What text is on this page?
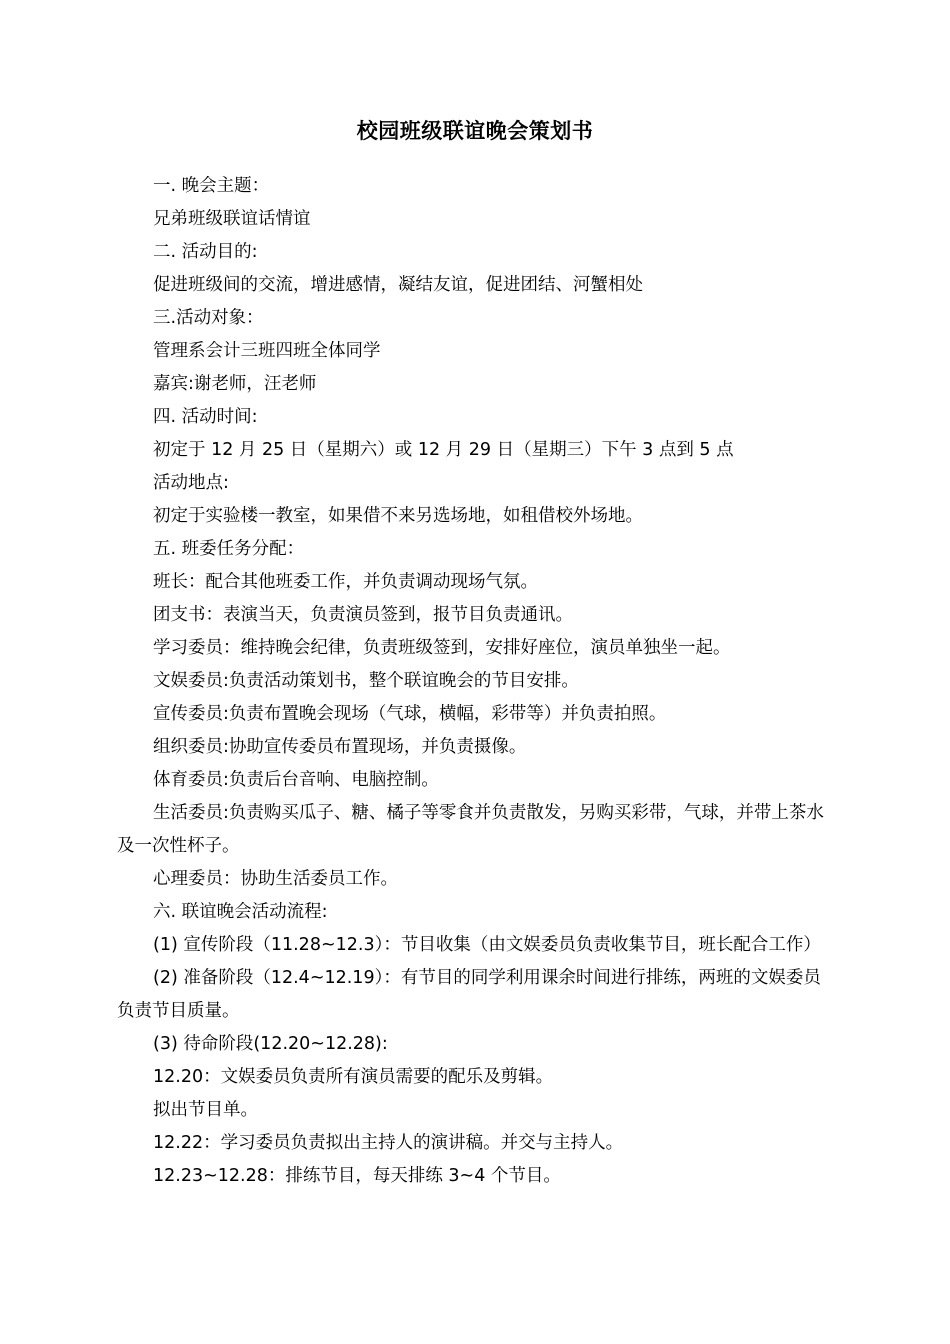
校园班级联谊晚会策划书

一. 晚会主题：

兄弟班级联谊话情谊

二. 活动目的:

促进班级间的交流，增进感情，凝结友谊，促进团结、河蟹相处

三.活动对象：

管理系会计三班四班全体同学

嘉宾:谢老师，汪老师

四. 活动时间:

初定于 12 月 25 日（星期六）或 12 月 29 日（星期三）下午 3 点到 5 点

活动地点:

初定于实验楼一教室，如果借不来另选场地，如租借校外场地。

五. 班委任务分配：

班长：配合其他班委工作，并负责调动现场气氛。

团支书：表演当天，负责演员签到，报节目负责通讯。

学习委员：维持晚会纪律，负责班级签到，安排好座位，演员单独坐一起。

文娱委员:负责活动策划书，整个联谊晚会的节目安排。

宣传委员:负责布置晚会现场（气球，横幅，彩带等）并负责拍照。

组织委员:协助宣传委员布置现场，并负责摄像。

体育委员:负责后台音响、电脑控制。

生活委员:负责购买瓜子、糖、橘子等零食并负责散发，另购买彩带，气球，并带上茶水及一次性杯子。

心理委员：协助生活委员工作。

六. 联谊晚会活动流程:

(1) 宣传阶段（11.28~12.3）：节目收集（由文娱委员负责收集节目，班长配合工作）

(2) 准备阶段（12.4~12.19）：有节目的同学利用课余时间进行排练，两班的文娱委员负责节目质量。

(3) 待命阶段(12.20~12.28):

12.20：文娱委员负责所有演员需要的配乐及剪辑。

拟出节目单。

12.22：学习委员负责拟出主持人的演讲稿。并交与主持人。

12.23~12.28：排练节目，每天排练 3~4 个节目。
